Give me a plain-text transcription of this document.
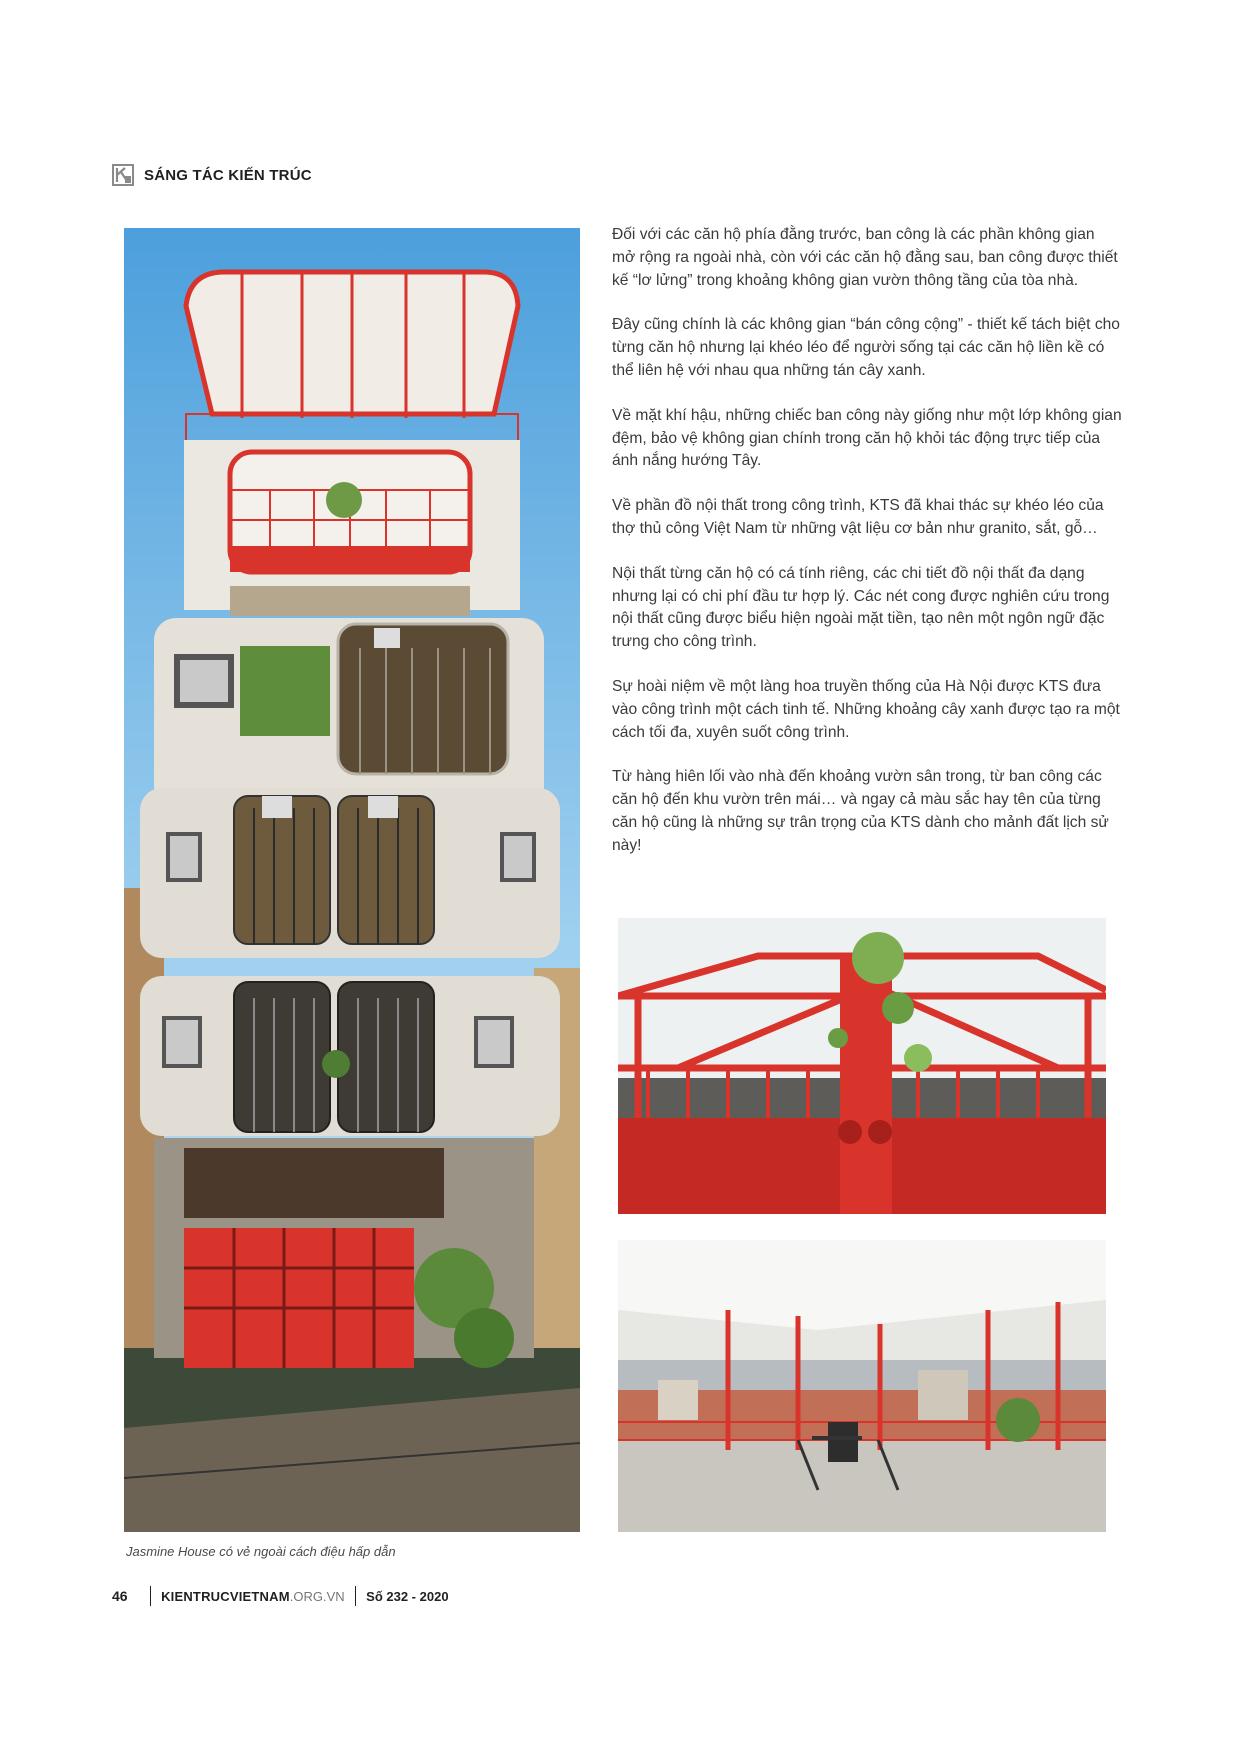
SÁNG TÁC KIẾN TRÚC
Jasmine House có vẻ ngoài cách điệu hấp dẫn

Đối với các căn hộ phía đằng trước, ban công là các phần không gian mở rộng ra ngoài nhà, còn với các căn hộ đằng sau, ban công được thiết kế “lơ lửng” trong khoảng không gian vườn thông tầng của tòa nhà.

Đây cũng chính là các không gian “bán công cộng” - thiết kế tách biệt cho từng căn hộ nhưng lại khéo léo để người sống tại các căn hộ liền kề có thể liên hệ với nhau qua những tán cây xanh.

Về mặt khí hậu, những chiếc ban công này giống như một lớp không gian đệm, bảo vệ không gian chính trong căn hộ khỏi tác động trực tiếp của ánh nắng hướng Tây.

Về phần đồ nội thất trong công trình, KTS đã khai thác sự khéo léo của thợ thủ công Việt Nam từ những vật liệu cơ bản như granito, sắt, gỗ…

Nội thất từng căn hộ có cá tính riêng, các chi tiết đồ nội thất đa dạng nhưng lại có chi phí đầu tư hợp lý. Các nét cong được nghiên cứu trong nội thất cũng được biểu hiện ngoài mặt tiền, tạo nên một ngôn ngữ đặc trưng cho công trình.

Sự hoài niệm về một làng hoa truyền thống của Hà Nội được KTS đưa vào công trình một cách tinh tế. Những khoảng cây xanh được tạo ra một cách tối đa, xuyên suốt công trình.

Từ hàng hiên lối vào nhà đến khoảng vườn sân trong, từ ban công các căn hộ đến khu vườn trên mái… và ngay cả màu sắc hay tên của từng căn hộ cũng là những sự trân trọng của KTS dành cho mảnh đất lịch sử này!

46	KIENTRUCVIETNAM .ORG.VN Số 232 - 2020
